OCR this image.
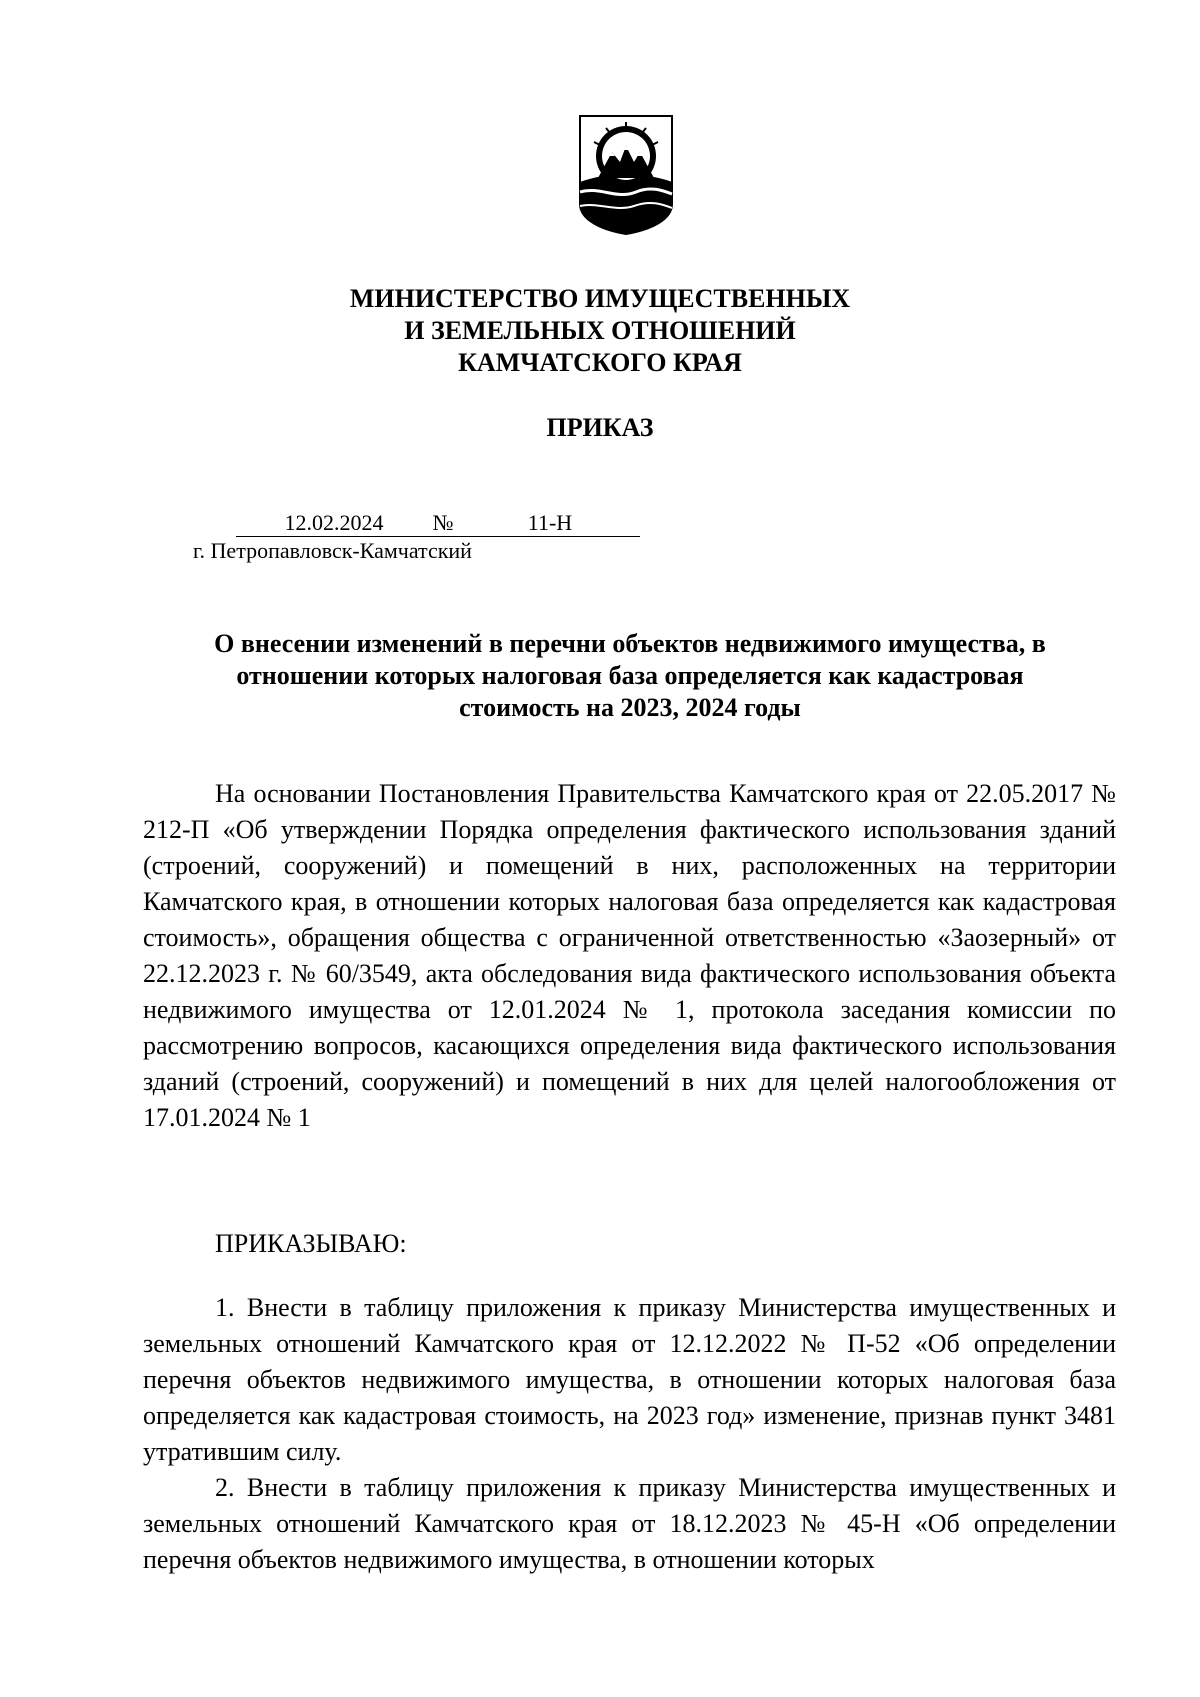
МИНИСТЕРСТВО ИМУЩЕСТВЕННЫХ
И ЗЕМЕЛЬНЫХ ОТНОШЕНИЙ
КАМЧАТСКОГО КРАЯ
ПРИКАЗ
12.02.2024	№	11-Н
г. Петропавловск-Камчатский
О внесении изменений в перечни объектов недвижимого имущества, в
отношении которых налоговая база определяется как кадастровая
стоимость на 2023, 2024 годы

На основании Постановления Правительства Камчатского края от 22.05.2017 № 212-П «Об утверждении Порядка определения фактического использования зданий (строений, сооружений) и помещений в них, расположенных на территории Камчатского края, в отношении которых налоговая база определяется как кадастровая стоимость», обращения общества с ограниченной ответственностью «Заозерный» от 22.12.2023 г. № 60/3549, акта обследования вида фактического использования объекта недвижимого имущества от 12.01.2024 № 1, протокола заседания комиссии по рассмотрению вопросов, касающихся определения вида фактического использования зданий (строений, сооружений) и помещений в них для целей налогообложения от 17.01.2024 № 1

ПРИКАЗЫВАЮ:

1. Внести в таблицу приложения к приказу Министерства имущественных и земельных отношений Камчатского края от 12.12.2022 № П-52 «Об определении перечня объектов недвижимого имущества, в отношении которых налоговая база определяется как кадастровая стоимость, на 2023 год» изменение, признав пункт 3481 утратившим силу.

2. Внести в таблицу приложения к приказу Министерства имущественных и земельных отношений Камчатского края от 18.12.2023 № 45-Н «Об определении перечня объектов недвижимого имущества, в отношении которых
